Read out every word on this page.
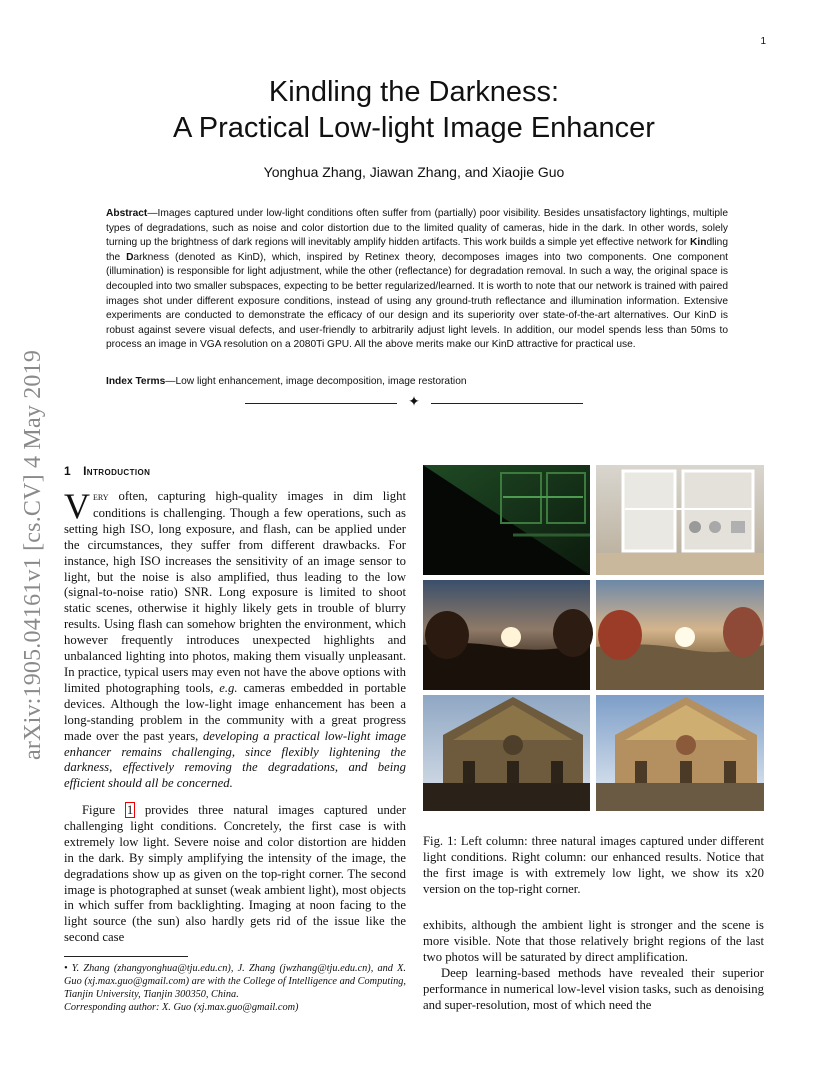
1
Kindling the Darkness:
A Practical Low-light Image Enhancer
Yonghua Zhang, Jiawan Zhang, and Xiaojie Guo

Abstract—Images captured under low-light conditions often suffer from (partially) poor visibility. Besides unsatisfactory lightings, multiple types of degradations, such as noise and color distortion due to the limited quality of cameras, hide in the dark. In other words, solely turning up the brightness of dark regions will inevitably amplify hidden artifacts. This work builds a simple yet effective network for Kindling the Darkness (denoted as KinD), which, inspired by Retinex theory, decomposes images into two components. One component (illumination) is responsible for light adjustment, while the other (reflectance) for degradation removal. In such a way, the original space is decoupled into two smaller subspaces, expecting to be better regularized/learned. It is worth to note that our network is trained with paired images shot under different exposure conditions, instead of using any ground-truth reflectance and illumination information. Extensive experiments are conducted to demonstrate the efficacy of our design and its superiority over state-of-the-art alternatives. Our KinD is robust against severe visual defects, and user-friendly to arbitrarily adjust light levels. In addition, our model spends less than 50ms to process an image in VGA resolution on a 2080Ti GPU. All the above merits make our KinD attractive for practical use.

Index Terms—Low light enhancement, image decomposition, image restoration

✦
arXiv:1905.04161v1 [cs.CV] 4 May 2019 1 Introduction

Very often, capturing high-quality images in dim light conditions is challenging. Though a few operations, such as setting high ISO, long exposure, and flash, can be applied under the circumstances, they suffer from different drawbacks. For instance, high ISO increases the sensitivity of an image sensor to light, but the noise is also amplified, thus leading to the low (signal-to-noise ratio) SNR. Long exposure is limited to shoot static scenes, otherwise it highly likely gets in trouble of blurry results. Using flash can somehow brighten the environment, which however frequently introduces unexpected highlights and unbalanced lighting into photos, making them visually unpleasant. In practice, typical users may even not have the above options with limited photographing tools, e.g. cameras embedded in portable devices. Although the low-light image enhancement has been a long-standing problem in the community with a great progress made over the past years, developing a practical low-light image enhancer remains challenging, since flexibly lightening the darkness, effectively removing the degradations, and being efficient should all be concerned.

Figure 1 provides three natural images captured under challenging light conditions. Concretely, the first case is with extremely low light. Severe noise and color distortion are hidden in the dark. By simply amplifying the intensity of the image, the degradations show up as given on the top-right corner. The second image is photographed at sunset (weak ambient light), most objects in which suffer from backlighting. Imaging at noon facing to the light source (the sun) also hardly gets rid of the issue like the second case

• Y. Zhang (zhangyonghua@tju.edu.cn), J. Zhang (jwzhang@tju.edu.cn), and X. Guo (xj.max.guo@gmail.com) are with the College of Intelligence and Computing, Tianjin University, Tianjin 300350, China.
Corresponding author: X. Guo (xj.max.guo@gmail.com)

Fig. 1: Left column: three natural images captured under different light conditions. Right column: our enhanced results. Notice that the first image is with extremely low light, we show its x20 version on the top-right corner.

exhibits, although the ambient light is stronger and the scene is more visible. Note that those relatively bright regions of the last two photos will be saturated by direct amplification.

Deep learning-based methods have revealed their superior performance in numerical low-level vision tasks, such as denoising and super-resolution, most of which need the
